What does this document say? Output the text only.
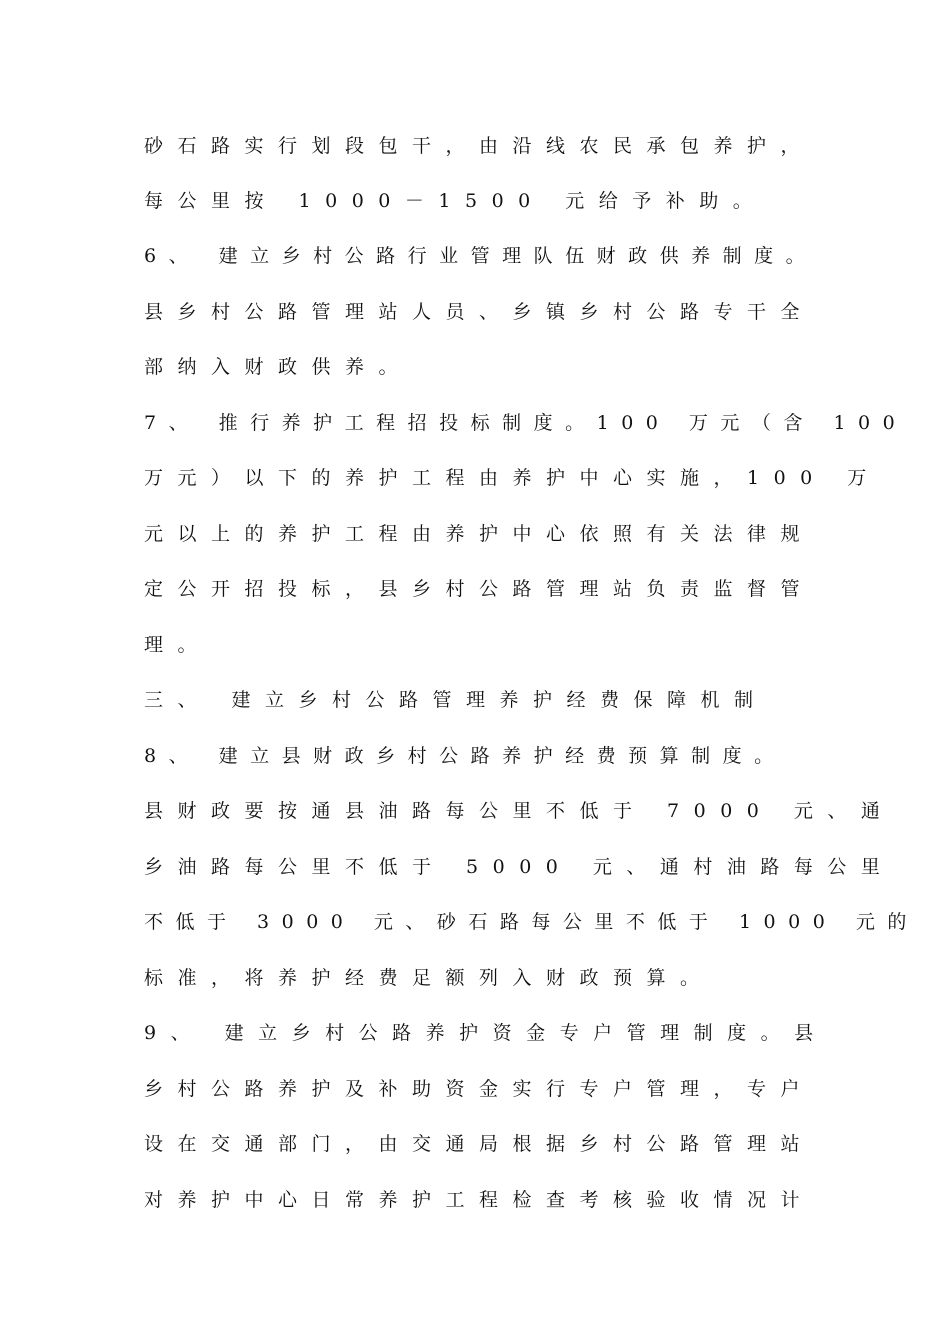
砂石路实行划段包干，由沿线农民承包养护，
每公里按 1000－1500 元给予补助。
6、 建立乡村公路行业管理队伍财政供养制度。
县乡村公路管理站人员、乡镇乡村公路专干全
部纳入财政供养。
7、 推行养护工程招投标制度。100 万元（含 100
万元）以下的养护工程由养护中心实施，100 万
元以上的养护工程由养护中心依照有关法律规
定公开招投标，县乡村公路管理站负责监督管
理。
三、 建立乡村公路管理养护经费保障机制
8、 建立县财政乡村公路养护经费预算制度。
县财政要按通县油路每公里不低于 7000 元、通
乡油路每公里不低于 5000 元、通村油路每公里
不低于 3000 元、砂石路每公里不低于 1000 元的
标准，将养护经费足额列入财政预算。
9、 建立乡村公路养护资金专户管理制度。县
乡村公路养护及补助资金实行专户管理，专户
设在交通部门，由交通局根据乡村公路管理站
对养护中心日常养护工程检查考核验收情况计
